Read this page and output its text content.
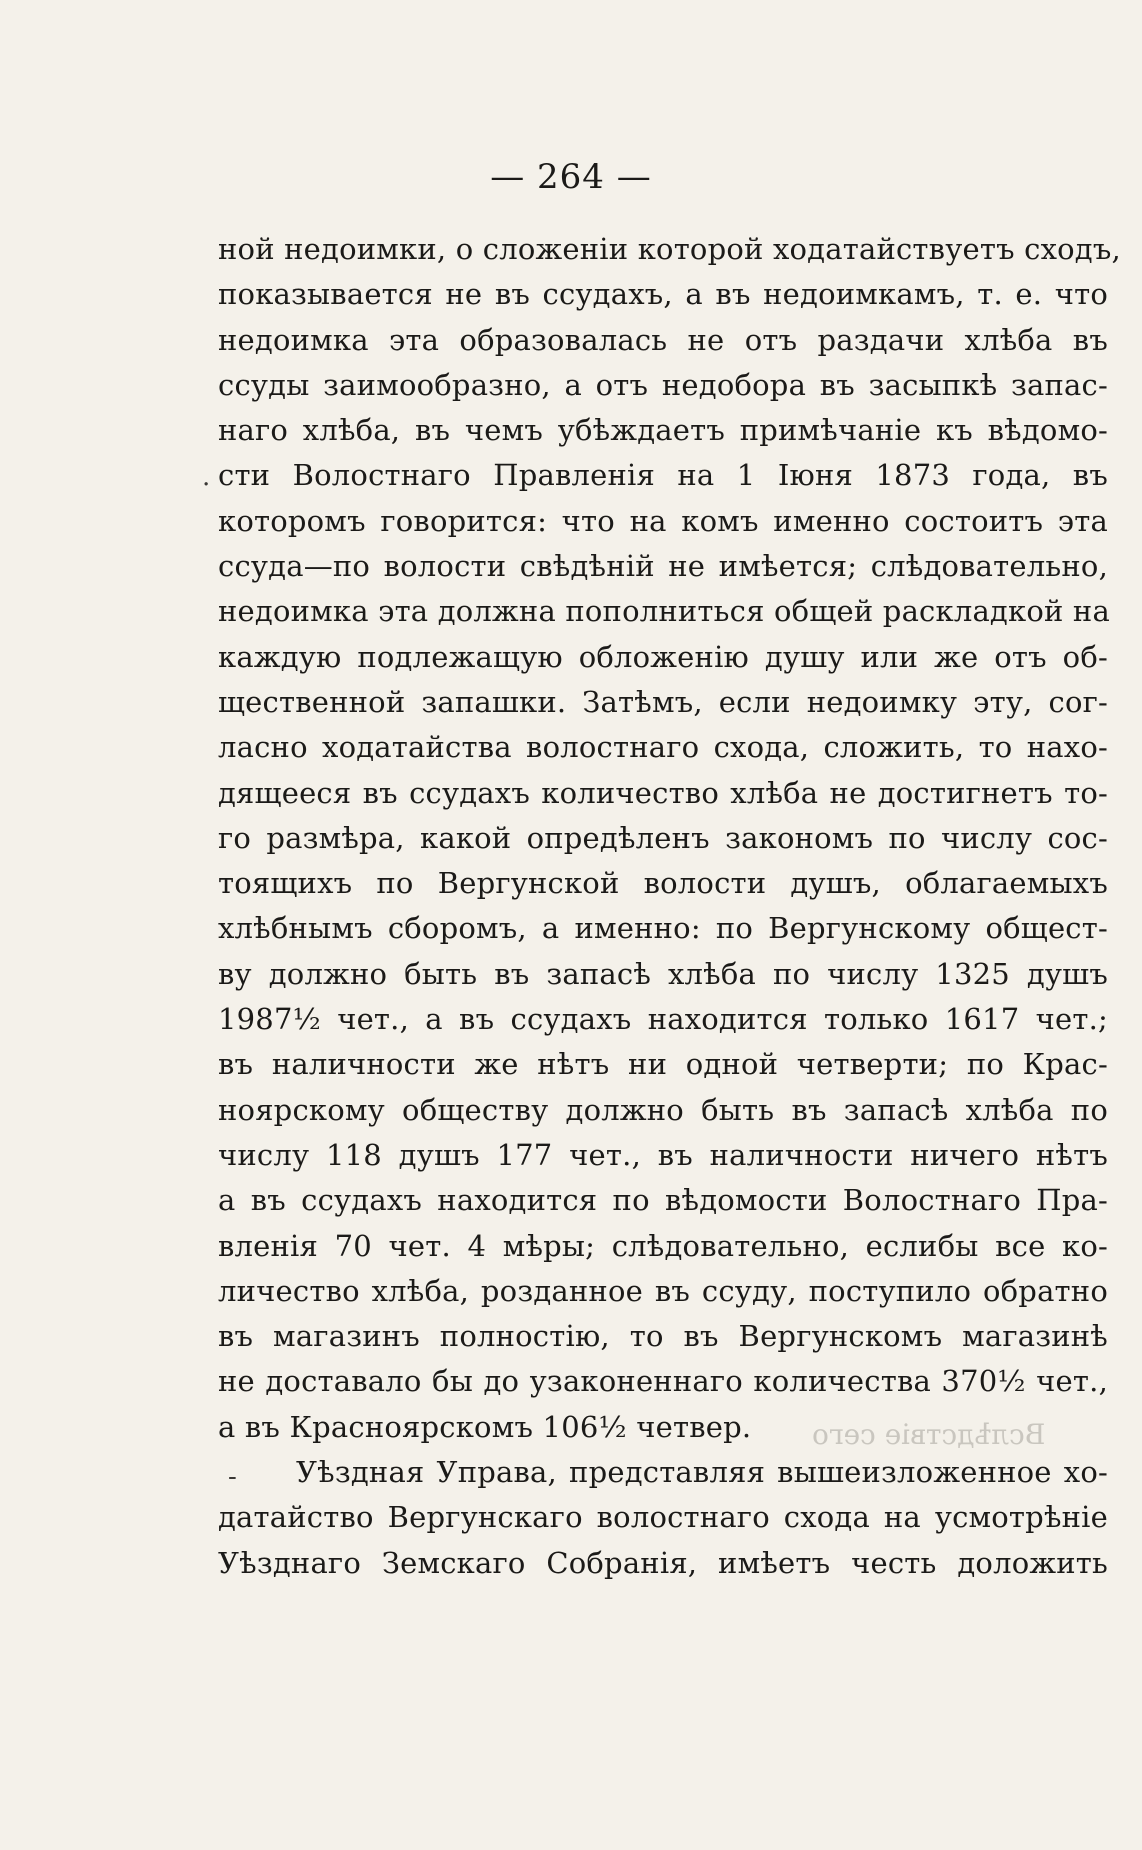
— 264 —
Вслѣдствiе сего
.
-
ной недоимки, о сложенiи которой ходатайствуетъ сходъ,
показывается не въ ссудахъ, а въ недоимкамъ, т. е. что
недоимка эта образовалась не отъ раздачи хлѣба въ
ссуды заимообразно, а отъ недобора въ засыпкѣ запас-
наго хлѣба, въ чемъ убѣждаетъ примѣчанiе къ вѣдомо-
сти Волостнаго Правленiя на 1 Iюня 1873 года, въ
которомъ говорится: что на комъ именно состоитъ эта
ссуда—по волости свѣдѣнiй не имѣется; слѣдовательно,
недоимка эта должна пополниться общей раскладкой на
каждую подлежащую обложенiю душу или же отъ об-
щественной запашки. Затѣмъ, если недоимку эту, сог-
ласно ходатайства волостнаго схода, сложить, то нахо-
дящееся въ ссудахъ количество хлѣба не достигнетъ то-
го размѣра, какой опредѣленъ закономъ по числу сос-
тоящихъ по Вергунской волости душъ, облагаемыхъ
хлѣбнымъ сборомъ, а именно: по Вергунскому общест-
ву должно быть въ запасѣ хлѣба по числу 1325 душъ
1987½ чет., а въ ссудахъ находится только 1617 чет.;
въ наличности же нѣтъ ни одной четверти; по Крас-
ноярскому обществу должно быть въ запасѣ хлѣба по
числу 118 душъ 177 чет., въ наличности ничего нѣтъ
а въ ссудахъ находится по вѣдомости Волостнаго Пра-
вленiя 70 чет. 4 мѣры; слѣдовательно, еслибы все ко-
личество хлѣба, розданное въ ссуду, поступило обратно
въ магазинъ полностiю, то въ Вергунскомъ магазинѣ
не доставало бы до узаконеннаго количества 370½ чет.,
а въ Красноярскомъ 106½ четвер.
Уѣздная Управа, представляя вышеизложенное хо-
датайство Вергунскаго волостнаго схода на усмотрѣнiе
Уѣзднаго Земскаго Собранiя, имѣетъ честь доложить
